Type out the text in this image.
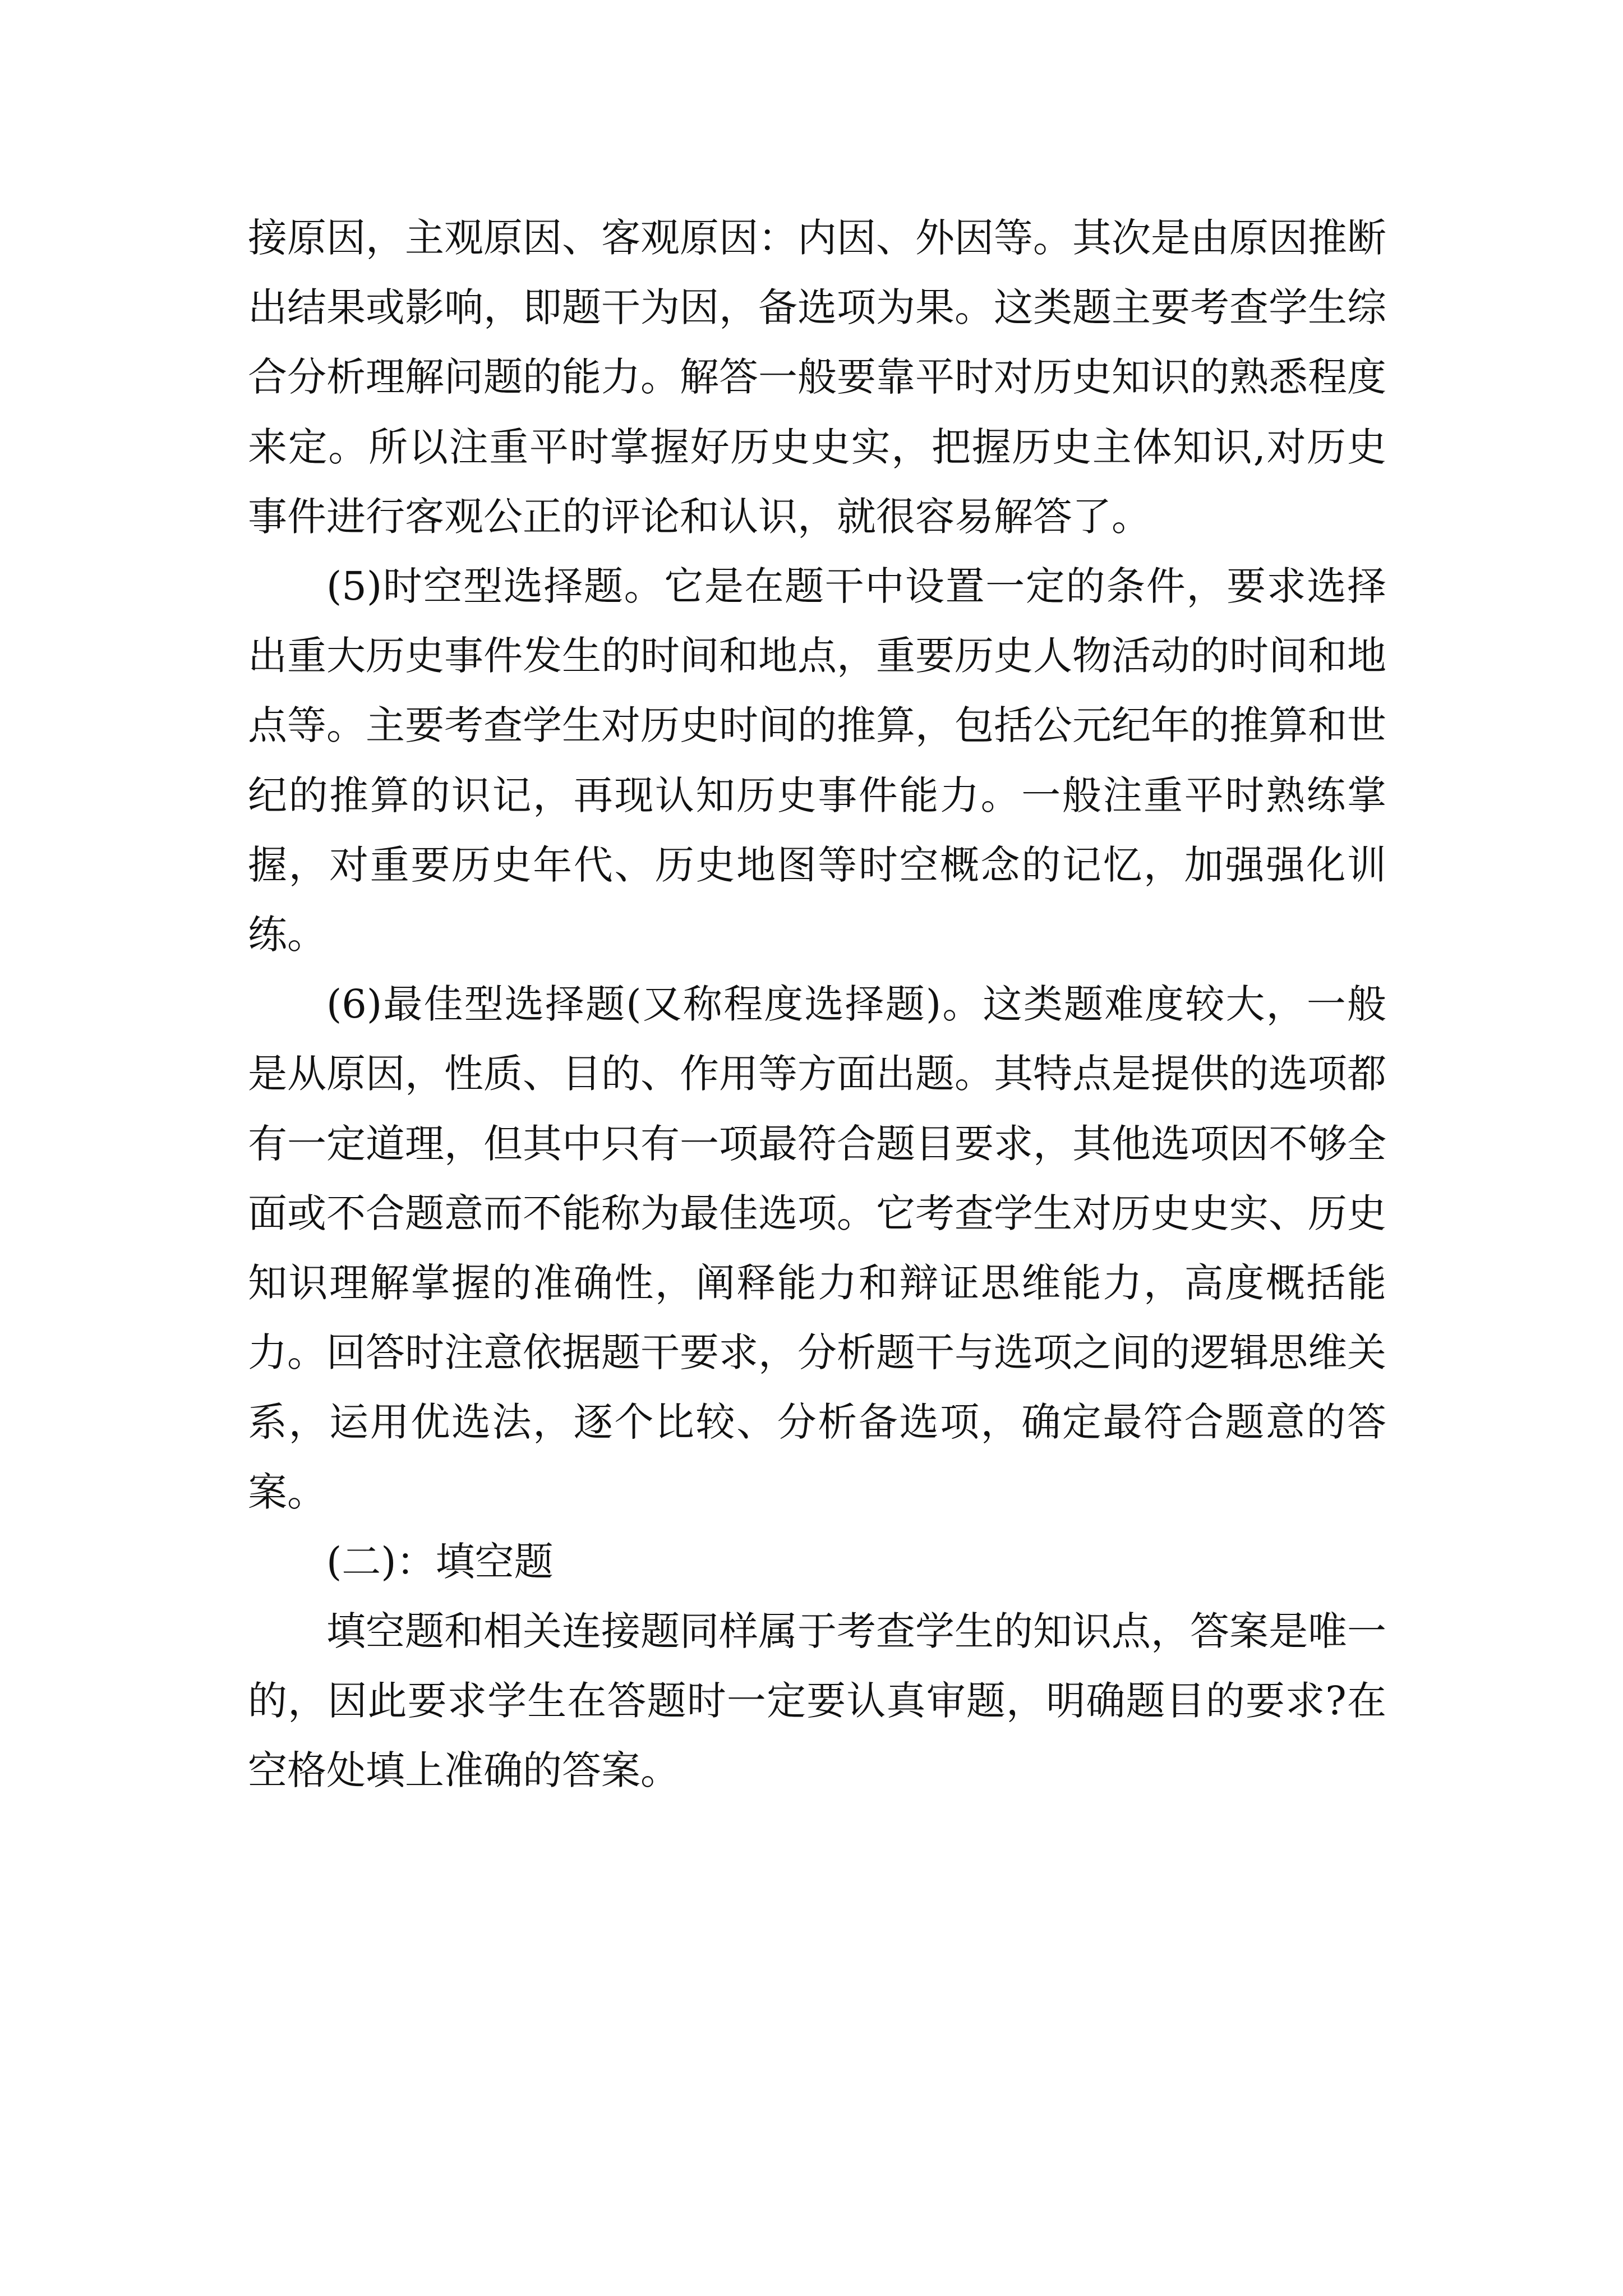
接原因，主观原因、客观原因：内因、外因等。其次是由原因推断出结果或影响，即题干为因，备选项为果。这类题主要考查学生综合分析理解问题的能力。解答一般要靠平时对历史知识的熟悉程度来定。所以注重平时掌握好历史史实，把握历史主体知识,对历史事件进行客观公正的评论和认识，就很容易解答了。

(5)时空型选择题。它是在题干中设置一定的条件，要求选择出重大历史事件发生的时间和地点，重要历史人物活动的时间和地点等。主要考查学生对历史时间的推算，包括公元纪年的推算和世纪的推算的识记，再现认知历史事件能力。一般注重平时熟练掌握，对重要历史年代、历史地图等时空概念的记忆，加强强化训练。

(6)最佳型选择题(又称程度选择题)。这类题难度较大，一般是从原因，性质、目的、作用等方面出题。其特点是提供的选项都有一定道理，但其中只有一项最符合题目要求，其他选项因不够全面或不合题意而不能称为最佳选项。它考查学生对历史史实、历史知识理解掌握的准确性，阐释能力和辩证思维能力，高度概括能力。回答时注意依据题干要求，分析题干与选项之间的逻辑思维关系，运用优选法，逐个比较、分析备选项，确定最符合题意的答案。

(二)：填空题

填空题和相关连接题同样属于考查学生的知识点，答案是唯一的，因此要求学生在答题时一定要认真审题，明确题目的要求?在空格处填上准确的答案。
